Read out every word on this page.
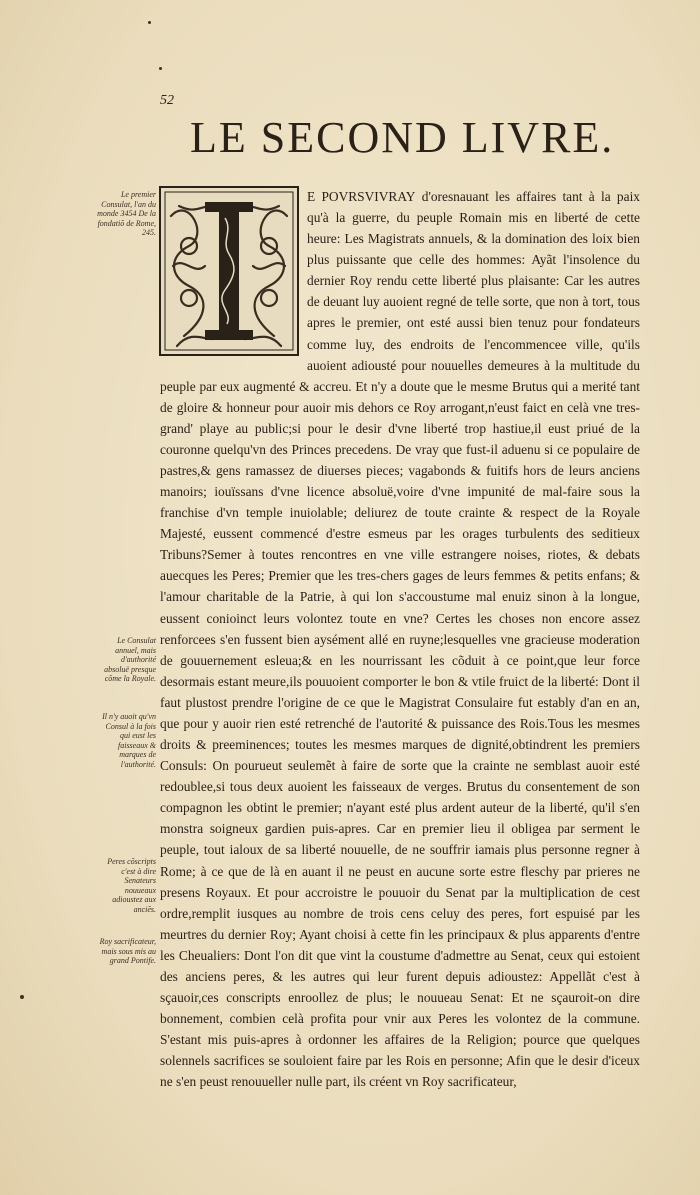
52
LE SECOND LIVRE.
Le premier Consulat, l'an du monde 3454 De la fondatiõ de Rome, 245.
Le Consulat annuel, mais d'authorité absoluë presque cõme la Royale.
Il n'y auoit qu'vn Consul à la fois qui eust les faisseaux & marques de l'authorité.
Peres cõscripts c'est à dire Senateurs nouueaux adioustez aux anciẽs.
Roy sacrificateur, mais sous mis au grand Pontife.
E POVRSVIVRAY d'oresnauant les affaires tant à la paix qu'à la guerre, du peuple Romain mis en liberté de cette heure: Les Magistrats annuels, & la domination des loix bien plus puissante que celle des hommes: Ayãt l'insolence du dernier Roy rendu cette liberté plus plaisante: Car les autres de deuant luy auoient regné de telle sorte, que non à tort, tous apres le premier, ont esté aussi bien tenuz pour fondateurs comme luy, des endroits de l'encommencee ville, qu'ils auoient adiousté pour nouuelles demeures à la multitude du peuple par eux augmenté & accreu. Et n'y a doute que le mesme Brutus qui a merité tant de gloire & honneur pour auoir mis dehors ce Roy arrogant,n'eust faict en celà vne tres-grand' playe au public;si pour le desir d'vne liberté trop hastiue,il eust priué de la couronne quelqu'vn des Princes precedens. De vray que fust-il aduenu si ce populaire de pastres,& gens ramassez de diuerses pieces; vagabonds & fuitifs hors de leurs anciens manoirs; iouïssans d'vne licence absoluë,voire d'vne impunité de mal-faire sous la franchise d'vn temple inuiolable; deliurez de toute crainte & respect de la Royale Majesté, eussent commencé d'estre esmeus par les orages turbulents des seditieux Tribuns?Semer à toutes rencontres en vne ville estrangere noises, riotes, & debats auecques les Peres; Premier que les tres-chers gages de leurs femmes & petits enfans; & l'amour charitable de la Patrie, à qui lon s'accoustume mal enuiz sinon à la longue, eussent conioinct leurs volontez toute en vne? Certes les choses non encore assez renforcees s'en fussent bien aysément allé en ruyne;lesquelles vne gracieuse moderation de gouuernement esleua;& en les nourrissant les cõduit à ce point,que leur force desormais estant meure,ils pouuoient comporter le bon & vtile fruict de la liberté: Dont il faut plustost prendre l'origine de ce que le Magistrat Consulaire fut estably d'an en an, que pour y auoir rien esté retrenché de l'autorité & puissance des Rois.Tous les mesmes droits & preeminences; toutes les mesmes marques de dignité,obtindrent les premiers Consuls: On pourueut seulemẽt à faire de sorte que la crainte ne semblast auoir esté redoublee,si tous deux auoient les faisseaux de verges. Brutus du consentement de son compagnon les obtint le premier; n'ayant esté plus ardent auteur de la liberté, qu'il s'en monstra soigneux gardien puis-apres. Car en premier lieu il obligea par serment le peuple, tout ialoux de sa liberté nouuelle, de ne souffrir iamais plus personne regner à Rome; à ce que de là en auant il ne peust en aucune sorte estre fleschy par prieres ne presens Royaux. Et pour accroistre le pouuoir du Senat par la multiplication de cest ordre,remplit iusques au nombre de trois cens celuy des peres, fort espuisé par les meurtres du dernier Roy; Ayant choisi à cette fin les principaux & plus apparents d'entre les Cheualiers: Dont l'on dit que vint la coustume d'admettre au Senat, ceux qui estoient des anciens peres, & les autres qui leur furent depuis adioustez: Appellãt c'est à sçauoir,ces conscripts enroollez de plus; le nouueau Senat: Et ne sçauroit-on dire bonnement, combien celà profita pour vnir aux Peres les volontez de la commune. S'estant mis puis-apres à ordonner les affaires de la Religion; pource que quelques solennels sacrifices se souloient faire par les Rois en personne; Afin que le desir d'iceux ne s'en peust renouueller nulle part, ils créent vn Roy sacrificateur,
